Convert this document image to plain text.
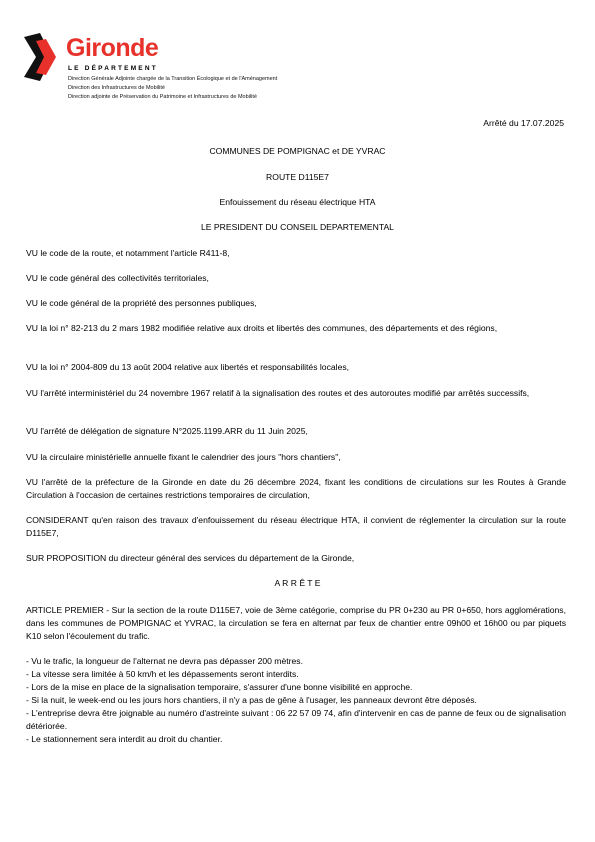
Gironde
LE DÉPARTEMENT
Direction Générale Adjointe chargée de la Transition Écologique et de l'Aménagement
Direction des Infrastructures de Mobilité
Direction adjointe de Préservation du Patrimoine et Infrastructures de Mobilité
Arrêté du 17.07.2025
COMMUNES DE POMPIGNAC et DE YVRAC
ROUTE D115E7
Enfouissement du réseau électrique HTA
LE PRESIDENT DU CONSEIL DEPARTEMENTAL
VU le code de la route, et notamment l'article R411-8,
VU le code général des collectivités territoriales,
VU le code général de la propriété des personnes publiques,
VU la loi n° 82-213 du 2 mars 1982 modifiée relative aux droits et libertés des communes, des départements et des régions,
VU la loi n° 2004-809 du 13 août 2004 relative aux libertés et responsabilités locales,
VU l'arrêté interministériel du 24 novembre 1967 relatif à la signalisation des routes et des autoroutes modifié par arrêtés successifs,
VU l'arrêté de délégation de signature N°2025.1199.ARR du 11 Juin 2025,
VU la circulaire ministérielle annuelle fixant le calendrier des jours "hors chantiers",
VU l'arrêté de la préfecture de la Gironde en date du 26 décembre 2024, fixant les conditions de circulations sur les Routes à Grande Circulation à l'occasion de certaines restrictions temporaires de circulation,
CONSIDERANT qu'en raison des travaux d'enfouissement du réseau électrique HTA, il convient de réglementer la circulation sur la route D115E7,
SUR PROPOSITION du directeur général des services du département de la Gironde,
A R R Ê T E
ARTICLE PREMIER - Sur la section de la route D115E7, voie de 3ème catégorie, comprise du PR 0+230 au PR 0+650, hors agglomérations, dans les communes de POMPIGNAC et YVRAC, la circulation se fera en alternat par feux de chantier entre 09h00 et 16h00 ou par piquets K10 selon l'écoulement du trafic.
- Vu le trafic, la longueur de l'alternat ne devra pas dépasser 200 mètres.
- La vitesse sera limitée à 50 km/h et les dépassements seront interdits.
- Lors de la mise en place de la signalisation temporaire, s'assurer d'une bonne visibilité en approche.
- Si la nuit, le week-end ou les jours hors chantiers, il n'y a pas de gêne à l'usager, les panneaux devront être déposés.
- L'entreprise devra être joignable au numéro d'astreinte suivant : 06 22 57 09 74, afin d'intervenir en cas de panne de feux ou de signalisation détériorée.
- Le stationnement sera interdit au droit du chantier.
